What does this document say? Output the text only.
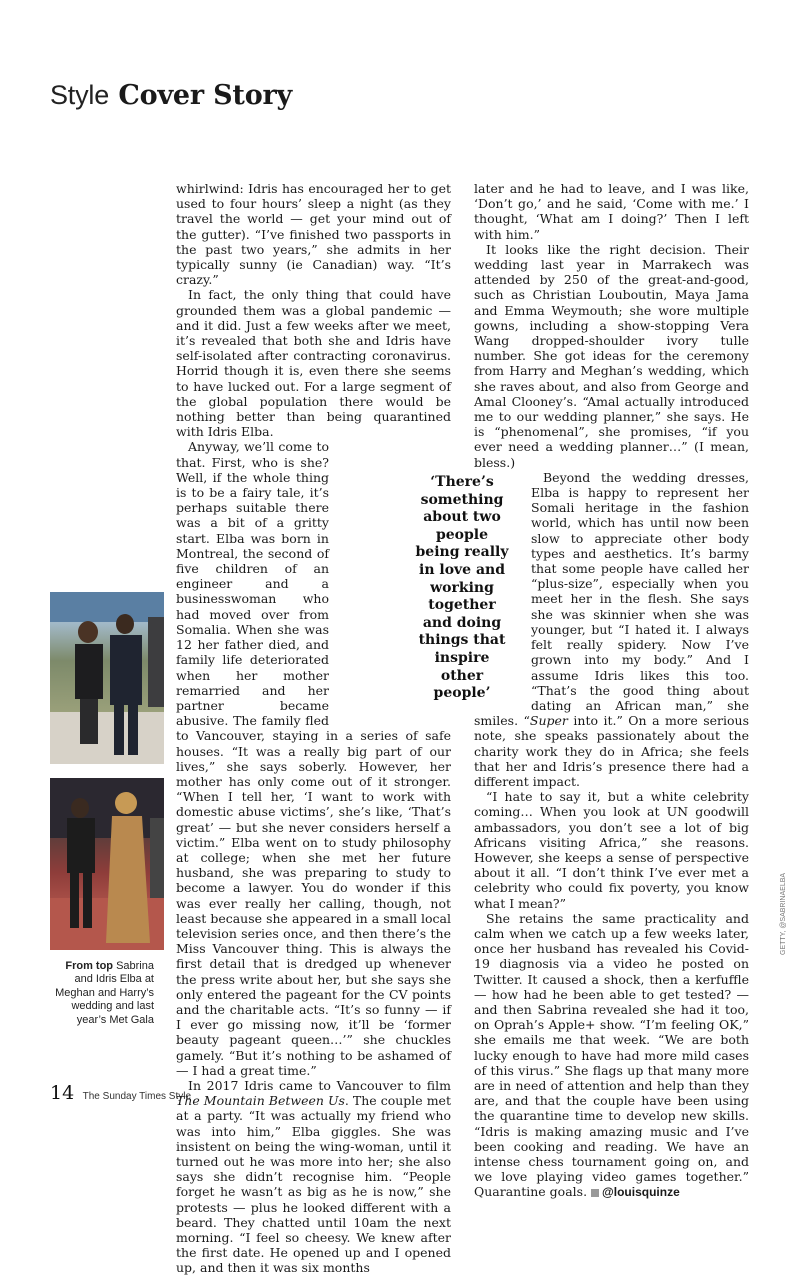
Style Cover Story
From top Sabrina and Idris Elba at Meghan and Harry’s wedding and last year’s Met Gala

whirlwind: Idris has encouraged her to get used to four hours’ sleep a night (as they travel the world — get your mind out of the gutter). “I’ve finished two passports in the past two years,” she admits in her typically sunny (ie Canadian) way. “It’s crazy.”

In fact, the only thing that could have grounded them was a global pandemic — and it did. Just a few weeks after we meet, it’s revealed that both she and Idris have self-isolated after contracting coronavirus. Horrid though it is, even there she seems to have lucked out. For a large segment of the global population there would be nothing better than being quarantined with Idris Elba.

Anyway, we’ll come to that. First, who is she? Well, if the whole thing is to be a fairy tale, it’s perhaps suitable there was a bit of a gritty start. Elba was born in Montreal, the second of five children of an engineer and a businesswoman who had moved over from Somalia. When she was 12 her father died, and family life deteriorated when her mother remarried and her partner became abusive. The family fled to Vancouver, staying in a series of safe houses. “It was a really big part of our lives,” she says soberly. However, her mother has only come out of it stronger. “When I tell her, ‘I want to work with domestic abuse victims’, she’s like, ‘That’s great’ — but she never considers herself a victim.” Elba went on to study philosophy at college; when she met her future husband, she was preparing to study to become a lawyer. You do wonder if this was ever really her calling, though, not least because she appeared in a small local television series once, and then there’s the Miss Vancouver thing. This is always the first detail that is dredged up whenever the press write about her, but she says she only entered the pageant for the CV points and the charitable acts. “It’s so funny — if I ever go missing now, it’ll be ‘former beauty pageant queen…’” she chuckles gamely. “But it’s nothing to be ashamed of — I had a great time.”

In 2017 Idris came to Vancouver to film The Mountain Between Us. The couple met at a party. “It was actually my friend who was into him,” Elba giggles. She was insistent on being the wing-woman, until it turned out he was more into her; she also says she didn’t recognise him. “People forget he wasn’t as big as he is now,” she protests — plus he looked different with a beard. They chatted until 10am the next morning. “I feel so cheesy. We knew after the first date. He opened up and I opened up, and then it was six months

‘There’s something about two people being really in love and working together and doing things that inspire other people’

later and he had to leave, and I was like, ‘Don’t go,’ and he said, ‘Come with me.’ I thought, ‘What am I doing?’ Then I left with him.”

It looks like the right decision. Their wedding last year in Marrakech was attended by 250 of the great-and-good, such as Christian Louboutin, Maya Jama and Emma Weymouth; she wore multiple gowns, including a show-stopping Vera Wang dropped-shoulder ivory tulle number. She got ideas for the ceremony from Harry and Meghan’s wedding, which she raves about, and also from George and Amal Clooney’s. “Amal actually introduced me to our wedding planner,” she says. He is “phenomenal”, she promises, “if you ever need a wedding planner…” (I mean, bless.)

Beyond the wedding dresses, Elba is happy to represent her Somali heritage in the fashion world, which has until now been slow to appreciate other body types and aesthetics. It’s barmy that some people have called her “plus-size”, especially when you meet her in the flesh. She says she was skinnier when she was younger, but “I hated it. I always felt really spidery. Now I’ve grown into my body.” And I assume Idris likes this too. “That’s the good thing about dating an African man,” she smiles. “Super into it.” On a more serious note, she speaks passionately about the charity work they do in Africa; she feels that her and Idris’s presence there had a different impact.

“I hate to say it, but a white celebrity coming… When you look at UN goodwill ambassadors, you don’t see a lot of big Africans visiting Africa,” she reasons. However, she keeps a sense of perspective about it all. “I don’t think I’ve ever met a celebrity who could fix poverty, you know what I mean?”

She retains the same practicality and calm when we catch up a few weeks later, once her husband has revealed his Covid-19 diagnosis via a video he posted on Twitter. It caused a shock, then a kerfuffle — how had he been able to get tested? — and then Sabrina revealed she had it too, on Oprah’s Apple+ show. “I’m feeling OK,” she emails me that week. “We are both lucky enough to have had more mild cases of this virus.” She flags up that many more are in need of attention and help than they are, and that the couple have been using the quarantine time to develop new skills. “Idris is making amazing music and I’ve been cooking and reading. We have an intense chess tournament going on, and we love playing video games together.” Quarantine goals. @louisquinze

GETTY, @SABRINAELBA
14 The Sunday Times Style
